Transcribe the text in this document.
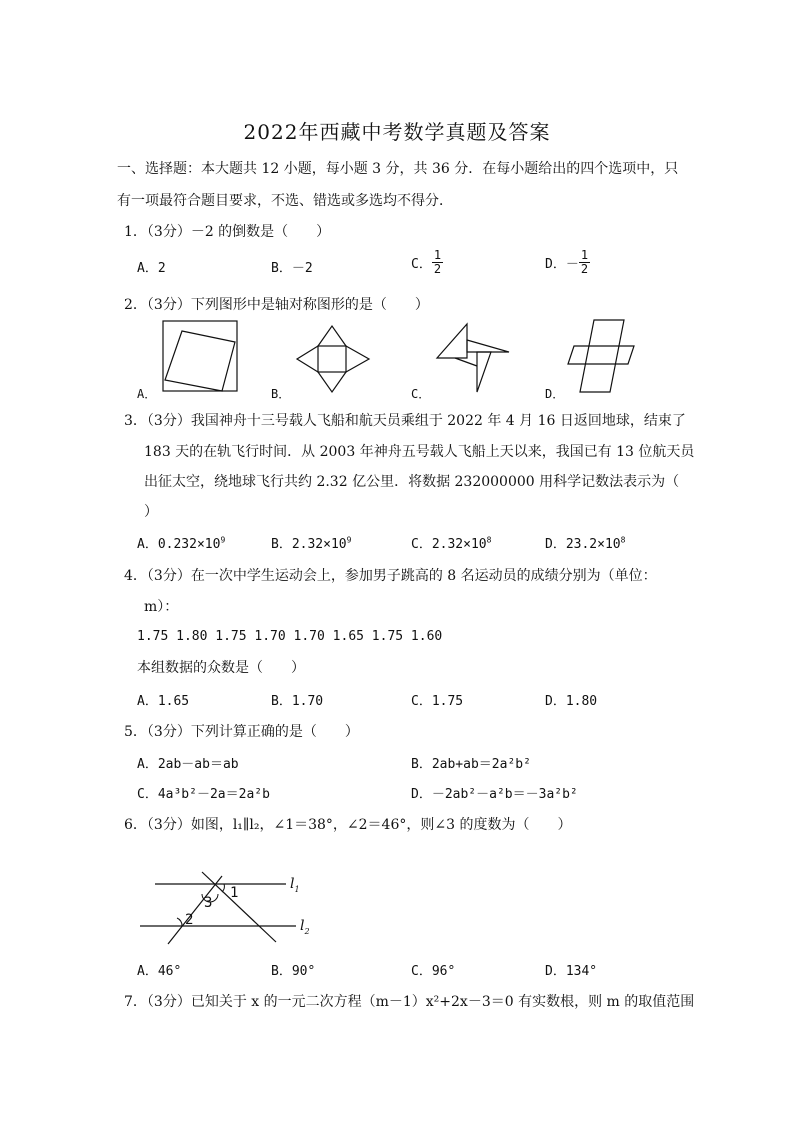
2022年西藏中考数学真题及答案
一、选择题：本大题共 12 小题，每小题 3 分，共 36 分．在每小题给出的四个选项中，只
有一项最符合题目要求，不选、错选或多选均不得分．
1．（3分）－2 的倒数是（　　）
A．2	B．－2	C． $\frac{1}{2}$	D．－ $\frac{1}{2}$
2．（3分）下列图形中是轴对称图形的是（　　）
A．	B．	C．	D．
3．（3分）我国神舟十三号载人飞船和航天员乘组于 2022 年 4 月 16 日返回地球，结束了
183 天的在轨飞行时间．从 2003 年神舟五号载人飞船上天以来，我国已有 13 位航天员
出征太空，绕地球飞行共约 2.32 亿公里．将数据 232000000 用科学记数法表示为（
）
A．$0.232\times 10^9$	B．$2.32\times 10^9$	C．$2.32\times 10^8$	D．$23.2\times 10^8$
4．（3分）在一次中学生运动会上，参加男子跳高的 8 名运动员的成绩分别为（单位：
m）：
1.75 1.80 1.75 1.70 1.70 1.65 1.75 1.60
本组数据的众数是（　　）
A．1.65	B．1.70	C．1.75	D．1.80
5．（3分）下列计算正确的是（　　）
A．2ab－ab＝ab	B．2ab+ab＝2a²b²
C．4a³b²－2a＝2a²b	D．－2ab²－a²b＝－3a²b²
6．（3分）如图，l₁∥l₂，∠1＝38°，∠2＝46°，则∠3 的度数为（　　）
1
2
3
$l_1$
$l_2$
A．46°	B．90°	C．96°	D．134°
7．（3分）已知关于 x 的一元二次方程（m－1）x²+2x－3＝0 有实数根，则 m 的取值范围
